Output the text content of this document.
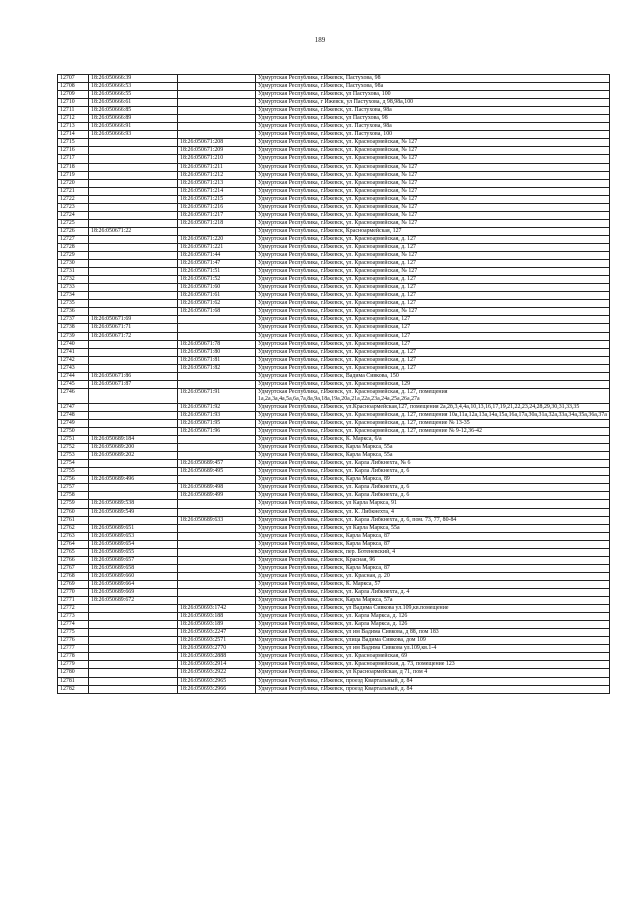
189
12707	18:26:050666:39		Удмуртская Республика, г.Ижевск, Пастухова, 98
12708	18:26:050666:53		Удмуртская Республика, г.Ижевск, Пастухова, 98а
12709	18:26:050666:55		Удмуртская Республика, г.Ижевск, ул Пастухова, 100
12710	18:26:050666:61		Удмуртская Республика, г Ижевск, ул Пастухова, д 98,98а,100
12711	18:26:050666:85		Удмуртская Республика, г.Ижевск, ул. Пастухова, 98а
12712	18:26:050666:89		Удмуртская Республика, г.Ижевск, ул Пастухова, 98
12713	18:26:050666:91		Удмуртская Республика, г.Ижевск, ул. Пастухова, 98а
12714	18:26:050666:93		Удмуртская Республика, г.Ижевск, ул. Пастухова, 100
12715		18:26:050671:208	Удмуртская Республика, г.Ижевск, ул. Красноармейская, № 127
12716		18:26:050671:209	Удмуртская Республика, г.Ижевск, ул. Красноармейская, № 127
12717		18:26:050671:210	Удмуртская Республика, г.Ижевск, ул. Красноармейская, № 127
12718		18:26:050671:211	Удмуртская Республика, г.Ижевск, ул. Красноармейская, № 127
12719		18:26:050671:212	Удмуртская Республика, г.Ижевск, ул. Красноармейская, № 127
12720		18:26:050671:213	Удмуртская Республика, г.Ижевск, ул. Красноармейская, № 127
12721		18:26:050671:214	Удмуртская Республика, г.Ижевск, ул. Красноармейская, № 127
12722		18:26:050671:215	Удмуртская Республика, г.Ижевск, ул. Красноармейская, № 127
12723		18:26:050671:216	Удмуртская Республика, г.Ижевск, ул. Красноармейская, № 127
12724		18:26:050671:217	Удмуртская Республика, г.Ижевск, ул. Красноармейская, № 127
12725		18:26:050671:218	Удмуртская Республика, г.Ижевск, ул. Красноармейская, № 127
12726	18:26:050671:22		Удмуртская Республика, г.Ижевск, Красноармейская, 127
12727		18:26:050671:220	Удмуртская Республика, г.Ижевск, ул. Красноармейская, д. 127
12728		18:26:050671:221	Удмуртская Республика, г.Ижевск, ул. Красноармейская, д. 127
12729		18:26:050671:44	Удмуртская Республика, г.Ижевск, ул. Красноармейская, № 127
12730		18:26:050671:47	Удмуртская Республика, г.Ижевск, ул. Красноармейская, д. 127
12731		18:26:050671:51	Удмуртская Республика, г.Ижевск, ул. Красноармейская, № 127
12732		18:26:050671:52	Удмуртская Республика, г.Ижевск, ул. Красноармейская, д. 127
12733		18:26:050671:60	Удмуртская Республика, г.Ижевск, ул. Красноармейская, д. 127
12734		18:26:050671:61	Удмуртская Республика, г.Ижевск, ул. Красноармейская, д. 127
12735		18:26:050671:62	Удмуртская Республика, г.Ижевск, ул. Красноармейская, д. 127
12736		18:26:050671:68	Удмуртская Республика, г.Ижевск, ул. Красноармейская, № 127
12737	18:26:050671:69		Удмуртская Республика, г.Ижевск, ул. Красноармейская, 127
12738	18:26:050671:71		Удмуртская Республика, г.Ижевск, ул. Красноармейская, 127
12739	18:26:050671:72		Удмуртская Республика, г.Ижевск, ул. Красноармейская, 127
12740		18:26:050671:78	Удмуртская Республика, г.Ижевск, ул. Красноармейская, 127
12741		18:26:050671:80	Удмуртская Республика, г.Ижевск, ул. Красноармейская, д. 127
12742		18:26:050671:81	Удмуртская Республика, г.Ижевск, ул. Красноармейская, д. 127
12743		18:26:050671:82	Удмуртская Республика, г.Ижевск, ул. Красноармейская, д. 127
12744	18:26:050671:86		Удмуртская Республика, г.Ижевск, Вадима Сивкова, 150
12745	18:26:050671:87		Удмуртская Республика, г.Ижевск, ул. Красноармейская, 129
12746		18:26:050671:91	Удмуртская Республика, г.Ижевск, ул. Красноармейская, д. 127, помещения 1а,2а,3а,4а,5а,6а,7а,8а,9а,18а,19а,20а,21а,22а,23а,24а,25а,26а,27а
12747		18:26:050671:92	Удмуртская Республика, г.Ижевск, ул.Красноармейская,127, помещения 2а,2б,3,4,4а,10,13,16,17,19,21,22,23,24,28,29,30,31,33,35
12748		18:26:050671:93	Удмуртская Республика, г.Ижевск, ул. Красноармейская, д. 127, помещения 10а,11а,12а,13а,14а,15а,16а,17а,30а,31а,32а,33а,34а,35а,36а,37а
12749		18:26:050671:95	Удмуртская Республика, г.Ижевск, ул. Красноармейская, д. 127, помещение № 13-35
12750		18:26:050671:96	Удмуртская Республика, г.Ижевск, ул. Красноармейская, д. 127, помещение № 9-12,36-42
12751	18:26:050689:184		Удмуртская Республика, г.Ижевск, К. Маркса, 6/а
12752	18:26:050689:200		Удмуртская Республика, г.Ижевск, Карла Маркса, 55а
12753	18:26:050689:202		Удмуртская Республика, г.Ижевск, Карла Маркса, 55а
12754		18:26:050689:457	Удмуртская Республика, г.Ижевск, ул. Карла Либкнехта, № 6
12755		18:26:050689:495	Удмуртская Республика, г.Ижевск, ул. Карла Либкнехта, д. 6
12756	18:26:050689:496		Удмуртская Республика, г.Ижевск, Карла Маркса, 89
12757		18:26:050689:498	Удмуртская Республика, г.Ижевск, ул. Карла Либкнехта, д. 6
12758		18:26:050689:499	Удмуртская Республика, г.Ижевск, ул. Карла Либкнехта, д. 6
12759	18:26:050689:538		Удмуртская Республика, г.Ижевск, ул Карла Маркса, 91
12760	18:26:050689:549		Удмуртская Республика, г.Ижевск, ул. К. Либкнехта, 4
12761		18:26:050689:633	Удмуртская Республика, г.Ижевск, ул. Карла Либкнехта, д. 6, пом. 73, 77, 80-84
12762	18:26:050689:651		Удмуртская Республика, г.Ижевск, ул Карла Маркса, 55а
12763	18:26:050689:653		Удмуртская Республика, г.Ижевск, Карла Маркса, 87
12764	18:26:050689:654		Удмуртская Республика, г.Ижевск, Карла Маркса, 87
12765	18:26:050689:655		Удмуртская Республика, г.Ижевск, пер. Ботеневский, 4
12766	18:26:050689:657		Удмуртская Республика, г.Ижевск, Красная, 96
12767	18:26:050689:658		Удмуртская Республика, г.Ижевск, Карла Маркса, 87
12768	18:26:050689:660		Удмуртская Республика, г.Ижевск, ул. Красная, д. 20
12769	18:26:050689:664		Удмуртская Республика, г.Ижевск, К. Маркса, 57
12770	18:26:050689:669		Удмуртская Республика, г.Ижевск, ул. Карла Либкнехта, д. 4
12771	18:26:050689:672		Удмуртская Республика, г.Ижевск, Карла Маркса, 57а
12772		18:26:050693:1742	Удмуртская Республика, г.Ижевск, ул Вадима Сивкова ул.109,кв.помещение
12773		18:26:050693:188	Удмуртская Республика, г.Ижевск, ул. Карла Маркса, д. 126
12774		18:26:050693:189	Удмуртская Республика, г.Ижевск, ул. Карла Маркса, д. 126
12775		18:26:050693:2247	Удмуртская Республика, г.Ижевск, ул им Вадима Сивкова, д 88, пом 183
12776		18:26:050693:2571	Удмуртская Республика, г.Ижевск, улица Вадима Сивкова, дом 109
12777		18:26:050693:2770	Удмуртская Республика, г.Ижевск, ул им Вадима Сивкова ул.109,кв.1-4
12778		18:26:050693:2888	Удмуртская Республика, г.Ижевск, ул. Красноармейская, 69
12779		18:26:050693:2914	Удмуртская Республика, г.Ижевск, ул. Красноармейская, д. 73, помещение 123
12780		18:26:050693:2922	Удмуртская Республика, г.Ижевск, ул Красноармейская, д 71, пом 4
12781		18:26:050693:2965	Удмуртская Республика, г.Ижевск, проезд Квартальный, д. 84
12782		18:26:050693:2966	Удмуртская Республика, г.Ижевск, проезд Квартальный, д. 84
